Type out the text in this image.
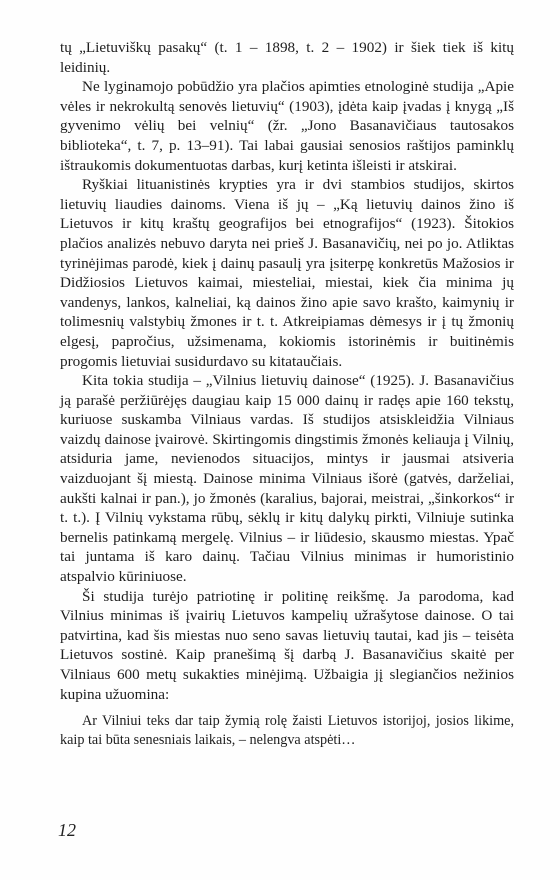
tų „Lietuviškų pasakų“ (t. 1 – 1898, t. 2 – 1902) ir šiek tiek iš kitų leidinių.

Ne lyginamojo pobūdžio yra plačios apimties etnologinė studija „Apie vėles ir nekrokultą senovės lietuvių“ (1903), įdėta kaip įvadas į knygą „Iš gyvenimo vėlių bei velnių“ (žr. „Jono Basanavičiaus tautosakos biblioteka“, t. 7, p. 13–91). Tai labai gausiai senosios raštijos paminklų ištraukomis dokumentuotas darbas, kurį ketinta išleisti ir atskirai.

Ryškiai lituanistinės krypties yra ir dvi stambios studijos, skirtos lietuvių liaudies dainoms. Viena iš jų – „Ką lietuvių dainos žino iš Lietuvos ir kitų kraštų geografijos bei etnografijos“ (1923). Šitokios plačios analizės nebuvo daryta nei prieš J. Basanavičių, nei po jo. Atliktas tyrinėjimas parodė, kiek į dainų pasaulį yra įsiterpę konkretūs Mažosios ir Didžiosios Lietuvos kaimai, miesteliai, miestai, kiek čia minima jų vandenys, lankos, kalneliai, ką dainos žino apie savo krašto, kaimynių ir tolimesnių valstybių žmones ir t. t. Atkreipiamas dėmesys ir į tų žmonių elgesį, papročius, užsimenama, kokiomis istorinėmis ir buitinėmis progomis lietuviai susidurdavo su kitataučiais.

Kita tokia studija – „Vilnius lietuvių dainose“ (1925). J. Basanavičius ją parašė peržiūrėjęs daugiau kaip 15 000 dainų ir radęs apie 160 tekstų, kuriuose suskamba Vilniaus vardas. Iš studijos atsiskleidžia Vilniaus vaizdų dainose įvairovė. Skirtingomis dingstimis žmonės keliauja į Vilnių, atsiduria jame, nevienodos situacijos, mintys ir jausmai atsiveria vaizduojant šį miestą. Dainose minima Vilniaus išorė (gatvės, darželiai, aukšti kalnai ir pan.), jo žmonės (karalius, bajorai, meistrai, „šinkorkos“ ir t. t.). Į Vilnių vykstama rūbų, sėklų ir kitų dalykų pirkti, Vilniuje sutinka bernelis patinkamą mergelę. Vilnius – ir liūdesio, skausmo miestas. Ypač tai juntama iš karo dainų. Tačiau Vilnius minimas ir humoristinio atspalvio kūriniuose.

Ši studija turėjo patriotinę ir politinę reikšmę. Ja parodoma, kad Vilnius minimas iš įvairių Lietuvos kampelių užrašytose dainose. O tai patvirtina, kad šis miestas nuo seno savas lietuvių tautai, kad jis – teisėta Lietuvos sostinė. Kaip pranešimą šį darbą J. Basanavičius skaitė per Vilniaus 600 metų sukakties minėjimą. Užbaigia jį slegiančios nežinios kupina užuomina:

Ar Vilniui teks dar taip žymią rolę žaisti Lietuvos istorijoj, josios likime, kaip tai būta senesniais laikais, – nelengva atspėti…

12
